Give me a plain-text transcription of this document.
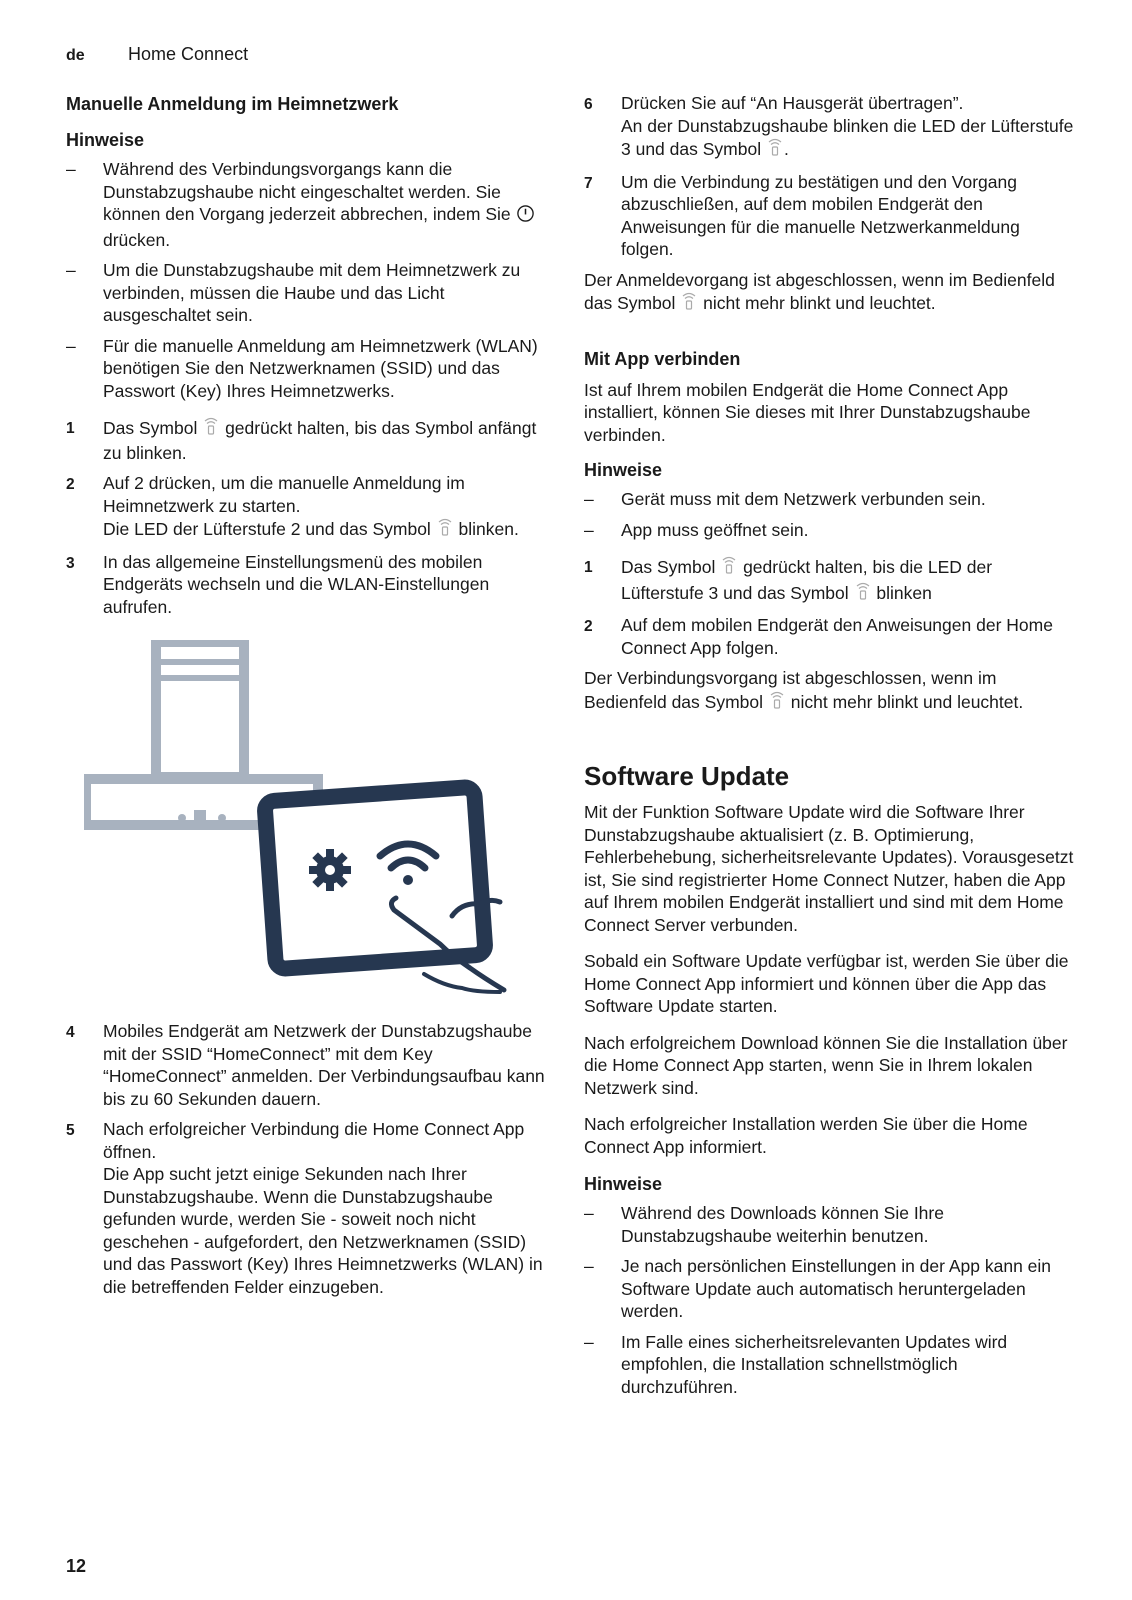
de Home Connect
Manuelle Anmeldung im Heimnetzwerk
Hinweise
– Während des Verbindungsvorgangs kann die Dunstabzugshaube nicht eingeschaltet werden. Sie können den Vorgang jederzeit abbrechen, indem Sie  drücken.
– Um die Dunstabzugshaube mit dem Heimnetzwerk zu verbinden, müssen die Haube und das Licht ausgeschaltet sein.
– Für die manuelle Anmeldung am Heimnetzwerk (WLAN) benötigen Sie den Netzwerknamen (SSID) und das Passwort (Key) Ihres Heimnetzwerks.
1 Das Symbol  gedrückt halten, bis das Symbol anfängt zu blinken.
2 Auf 2 drücken, um die manuelle Anmeldung im Heimnetzwerk zu starten.
Die LED der Lüfterstufe 2 und das Symbol  blinken.
3 In das allgemeine Einstellungsmenü des mobilen Endgeräts wechseln und die WLAN-Einstellungen aufrufen.
4 Mobiles Endgerät am Netzwerk der Dunstabzugshaube mit der SSID “HomeConnect” mit dem Key “HomeConnect” anmelden. Der Verbindungsaufbau kann bis zu 60 Sekunden dauern.
5 Nach erfolgreicher Verbindung die Home Connect App öffnen.
Die App sucht jetzt einige Sekunden nach Ihrer Dunstabzugshaube. Wenn die Dunstabzugshaube gefunden wurde, werden Sie - soweit noch nicht geschehen - aufgefordert, den Netzwerknamen (SSID) und das Passwort (Key) Ihres Heimnetzwerks (WLAN) in die betreffenden Felder einzugeben.
6 Drücken Sie auf “An Hausgerät übertragen”.
An der Dunstabzugshaube blinken die LED der Lüfterstufe 3 und das Symbol .
7 Um die Verbindung zu bestätigen und den Vorgang abzuschließen, auf dem mobilen Endgerät den Anweisungen für die manuelle Netzwerkanmeldung folgen.

Der Anmeldevorgang ist abgeschlossen, wenn im Bedienfeld das Symbol  nicht mehr blinkt und leuchtet.

Mit App verbinden

Ist auf Ihrem mobilen Endgerät die Home Connect App installiert, können Sie dieses mit Ihrer Dunstabzugshaube verbinden.

Hinweise
– Gerät muss mit dem Netzwerk verbunden sein.
– App muss geöffnet sein.
1 Das Symbol  gedrückt halten, bis die LED der Lüfterstufe 3 und das Symbol  blinken
2 Auf dem mobilen Endgerät den Anweisungen der Home Connect App folgen.

Der Verbindungsvorgang ist abgeschlossen, wenn im Bedienfeld das Symbol  nicht mehr blinkt und leuchtet.

Software Update

Mit der Funktion Software Update wird die Software Ihrer Dunstabzugshaube aktualisiert (z. B. Optimierung, Fehlerbehebung, sicherheitsrelevante Updates). Vorausgesetzt ist, Sie sind registrierter Home Connect Nutzer, haben die App auf Ihrem mobilen Endgerät installiert und sind mit dem Home Connect Server verbunden.

Sobald ein Software Update verfügbar ist, werden Sie über die Home Connect App informiert und können über die App das Software Update starten.

Nach erfolgreichem Download können Sie die Installation über die Home Connect App starten, wenn Sie in Ihrem lokalen Netzwerk sind.

Nach erfolgreicher Installation werden Sie über die Home Connect App informiert.

Hinweise
– Während des Downloads können Sie Ihre Dunstabzugshaube weiterhin benutzen.
– Je nach persönlichen Einstellungen in der App kann ein Software Update auch automatisch heruntergeladen werden.
– Im Falle eines sicherheitsrelevanten Updates wird empfohlen, die Installation schnellstmöglich durchzuführen.
12
